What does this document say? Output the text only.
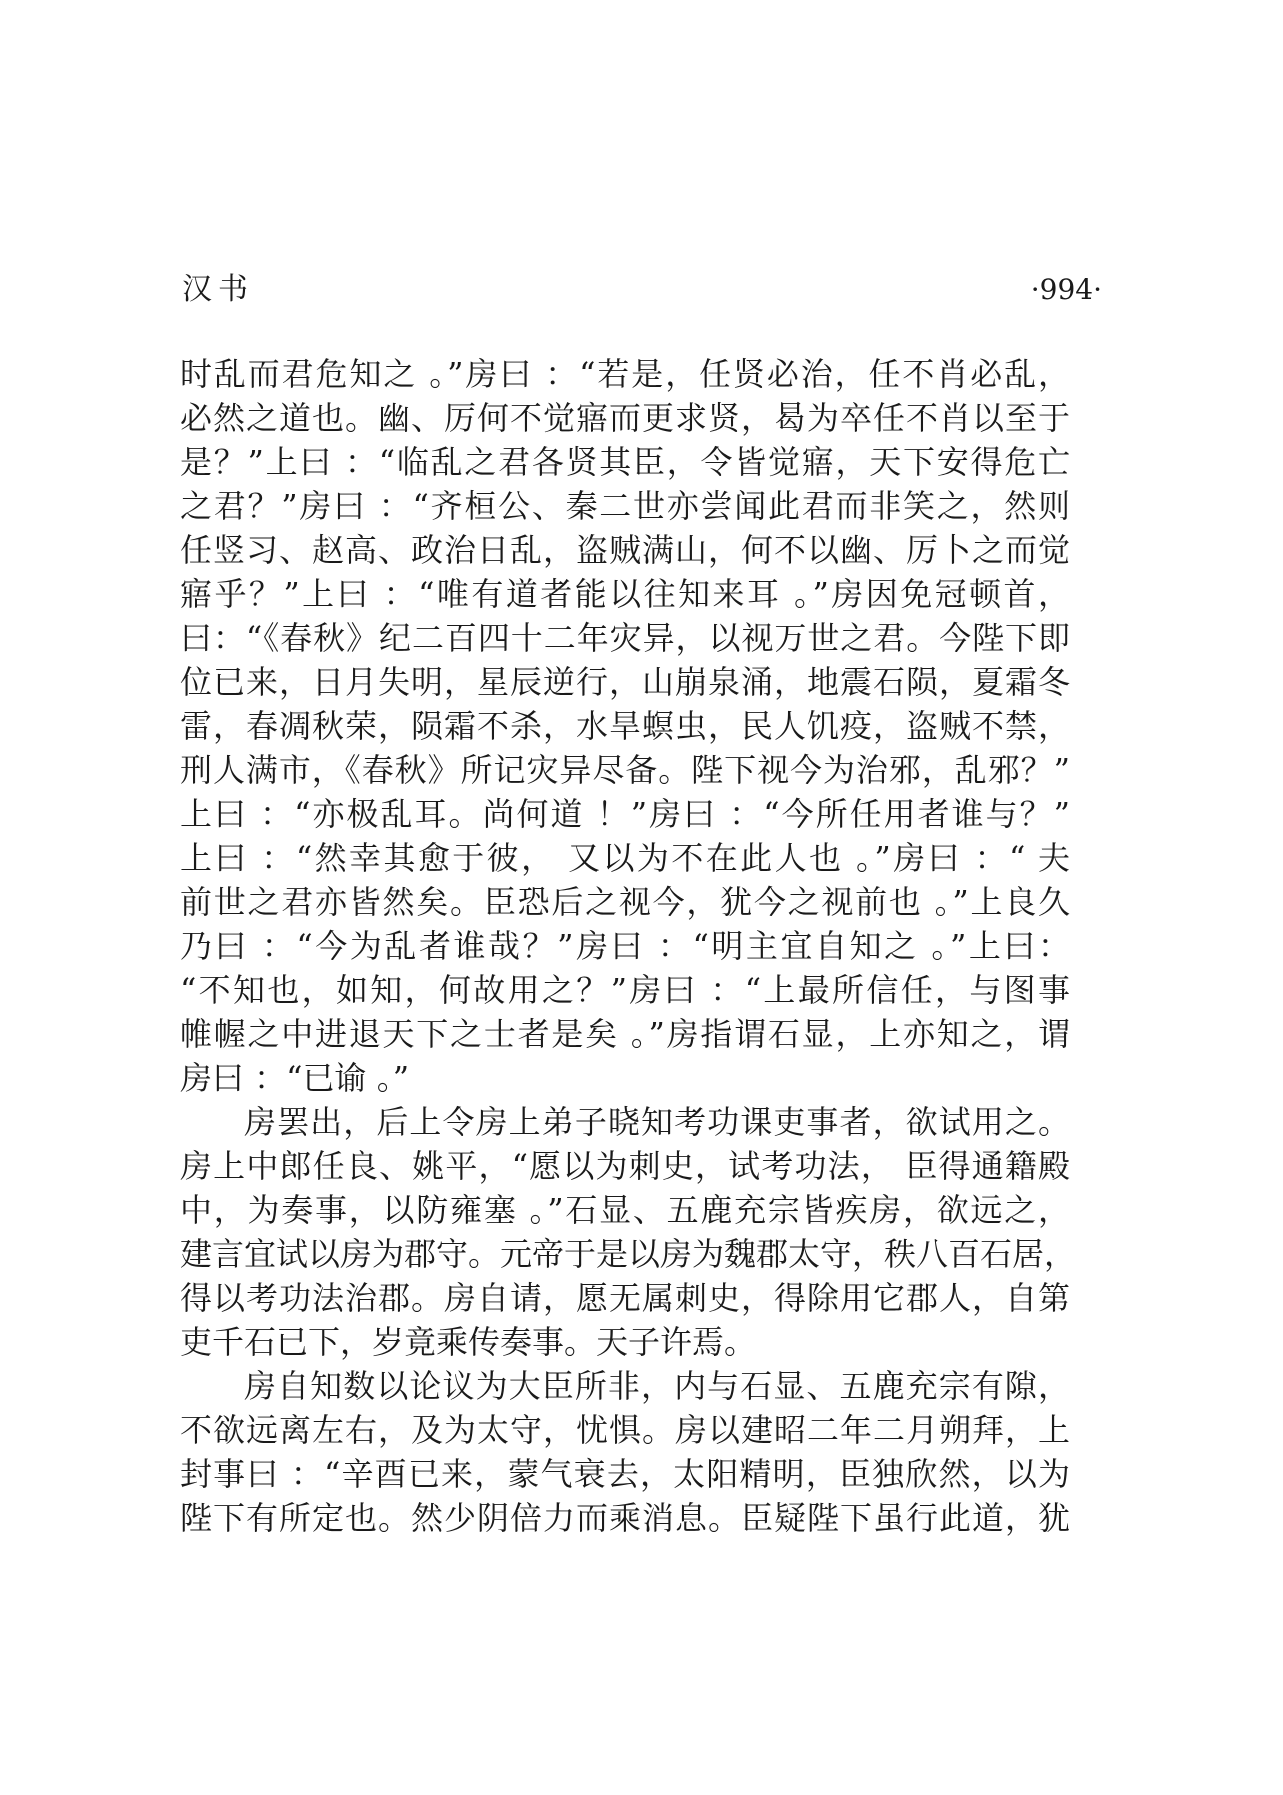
汉书	·994·
时乱而君危知之 。”房曰 ：“若是，任贤必治，任不肖必乱，
必然之道也。幽、厉何不觉寤而更求贤，曷为卒任不肖以至于
是？”上曰 ：“临乱之君各贤其臣，令皆觉寤，天下安得危亡
之君？”房曰 ：“齐桓公、秦二世亦尝闻此君而非笑之，然则
任竖习、赵高、政治日乱，盗贼满山，何不以幽、厉卜之而觉
寤乎？”上曰 ：“唯有道者能以往知来耳 。”房因免冠顿首，
曰：“《春秋》纪二百四十二年灾异，以视万世之君。今陛下即
位已来，日月失明，星辰逆行，山崩泉涌，地震石陨，夏霜冬
雷，春凋秋荣，陨霜不杀，水旱螟虫，民人饥疫，盗贼不禁，
刑人满市，《春秋》所记灾异尽备。陛下视今为治邪，乱邪？”
上曰 ：“亦极乱耳。尚何道 ！”房曰 ：“今所任用者谁与？”
上曰 ：“然幸其愈于彼， 又以为不在此人也 。”房曰 ：“ 夫
前世之君亦皆然矣。臣恐后之视今，犹今之视前也 。”上良久
乃曰 ：“今为乱者谁哉？”房曰 ：“明主宜自知之 。”上曰：
“不知也，如知，何故用之？”房曰 ：“上最所信任，与图事
帷幄之中进退天下之士者是矣 。”房指谓石显，上亦知之，谓
房曰 ：“已谕 。”
房罢出，后上令房上弟子晓知考功课吏事者，欲试用之。
房上中郎任良、姚平，“愿以为刺史，试考功法， 臣得通籍殿
中，为奏事，以防雍塞 。”石显、五鹿充宗皆疾房，欲远之，
建言宜试以房为郡守。元帝于是以房为魏郡太守，秩八百石居，
得以考功法治郡。房自请，愿无属刺史，得除用它郡人，自第
吏千石已下，岁竟乘传奏事。天子许焉。
房自知数以论议为大臣所非，内与石显、五鹿充宗有隙，
不欲远离左右，及为太守，忧惧。房以建昭二年二月朔拜，上
封事曰 ：“辛酉已来，蒙气衰去，太阳精明，臣独欣然，以为
陛下有所定也。然少阴倍力而乘消息。臣疑陛下虽行此道，犹
